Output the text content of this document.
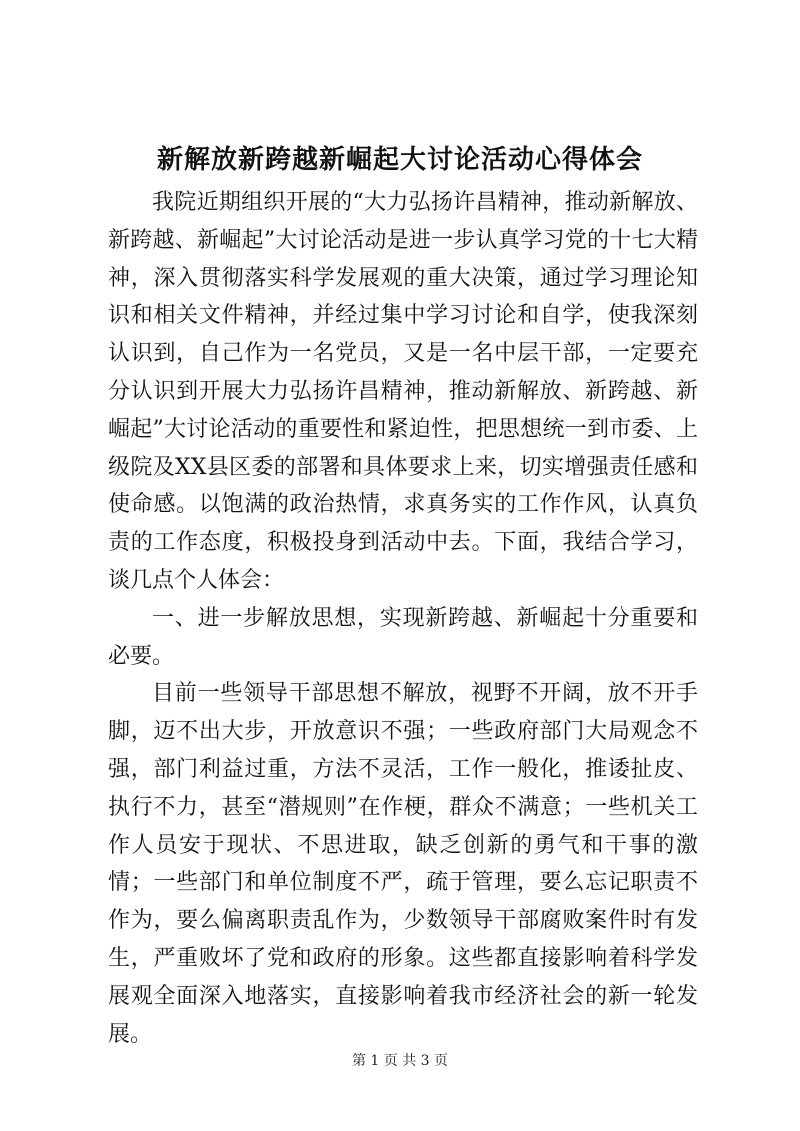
新解放新跨越新崛起大讨论活动心得体会

我院近期组织开展的“大力弘扬许昌精神，推动新解放、新跨越、新崛起”大讨论活动是进一步认真学习党的十七大精神，深入贯彻落实科学发展观的重大决策，通过学习理论知识和相关文件精神，并经过集中学习讨论和自学，使我深刻认识到，自己作为一名党员，又是一名中层干部，一定要充分认识到开展大力弘扬许昌精神，推动新解放、新跨越、新崛起”大讨论活动的重要性和紧迫性，把思想统一到市委、上级院及XX县区委的部署和具体要求上来，切实增强责任感和使命感。以饱满的政治热情，求真务实的工作作风，认真负责的工作态度，积极投身到活动中去。下面，我结合学习，谈几点个人体会：

一、进一步解放思想，实现新跨越、新崛起十分重要和必要。

目前一些领导干部思想不解放，视野不开阔，放不开手脚，迈不出大步，开放意识不强；一些政府部门大局观念不强，部门利益过重，方法不灵活，工作一般化，推诿扯皮、执行不力，甚至“潜规则”在作梗，群众不满意；一些机关工作人员安于现状、不思进取，缺乏创新的勇气和干事的激情；一些部门和单位制度不严，疏于管理，要么忘记职责不作为，要么偏离职责乱作为，少数领导干部腐败案件时有发生，严重败坏了党和政府的形象。这些都直接影响着科学发展观全面深入地落实，直接影响着我市经济社会的新一轮发展。

第 1 页 共 3 页
